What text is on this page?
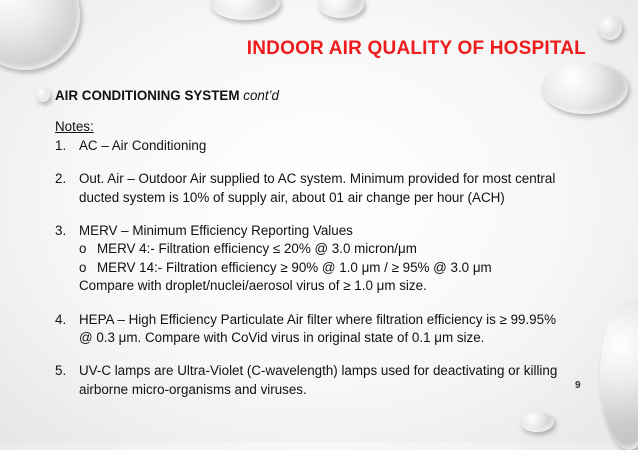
INDOOR AIR QUALITY OF HOSPITAL
AIR CONDITIONING SYSTEM cont’d
Notes:
1. AC – Air Conditioning
2. Out. Air – Outdoor Air supplied to AC system. Minimum provided for most central
ducted system is 10% of supply air, about 01 air change per hour (ACH)
3. MERV – Minimum Efficiency Reporting Values
o MERV 4:- Filtration efficiency ≤ 20% @ 3.0 micron/μm
o MERV 14:- Filtration efficiency ≥ 90% @ 1.0 μm / ≥ 95% @ 3.0 μm
Compare with droplet/nuclei/aerosol virus of ≥ 1.0 μm size.
4. HEPA – High Efficiency Particulate Air filter where filtration efficiency is ≥ 99.95%
@ 0.3 μm. Compare with CoVid virus in original state of 0.1 μm size.
5. UV-C lamps are Ultra-Violet (C-wavelength) lamps used for deactivating or killing
airborne micro-organisms and viruses.	9
